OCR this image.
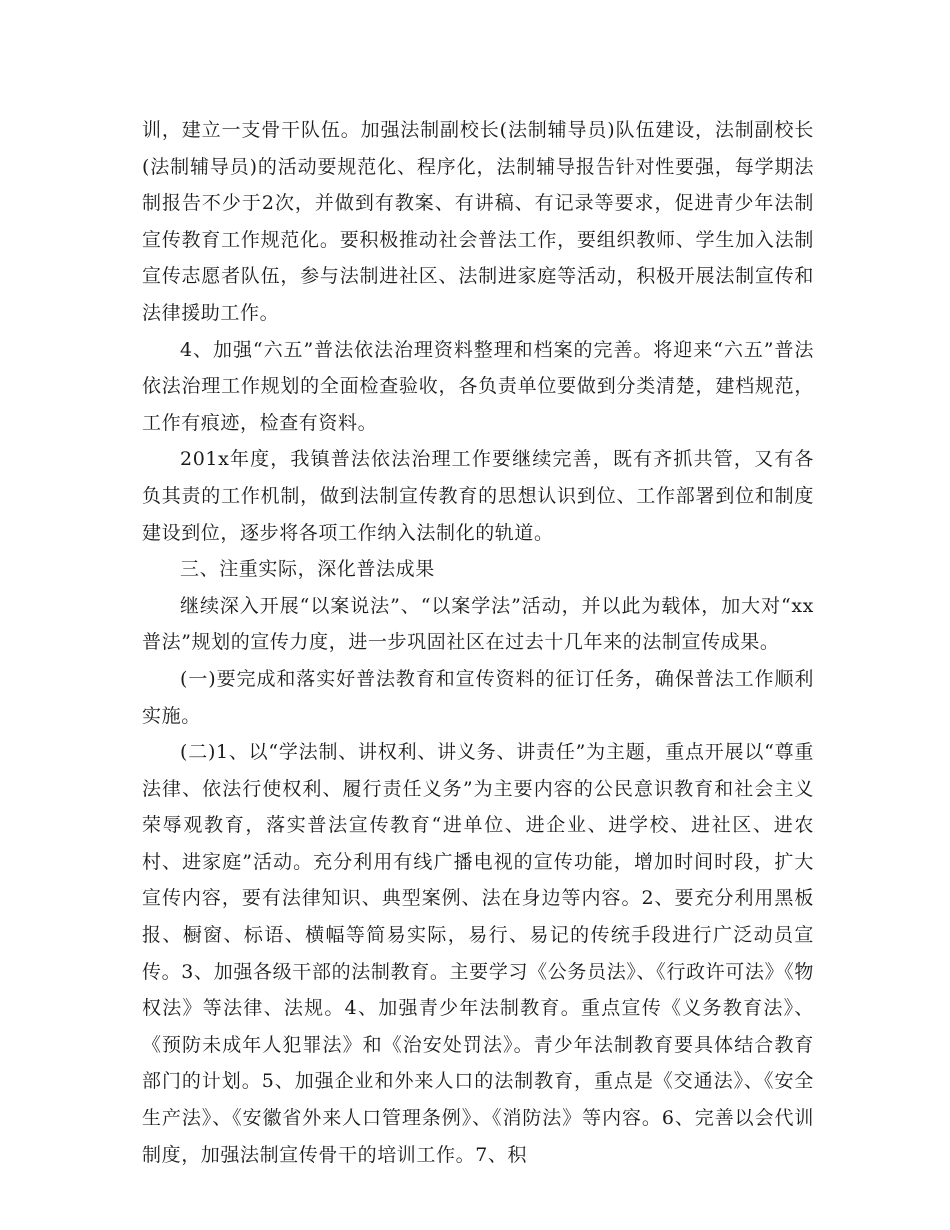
训，建立一支骨干队伍。加强法制副校长(法制辅导员)队伍建设，法制副校长(法制辅导员)的活动要规范化、程序化，法制辅导报告针对性要强，每学期法制报告不少于2次，并做到有教案、有讲稿、有记录等要求，促进青少年法制宣传教育工作规范化。要积极推动社会普法工作，要组织教师、学生加入法制宣传志愿者队伍，参与法制进社区、法制进家庭等活动，积极开展法制宣传和法律援助工作。

4、加强“六五”普法依法治理资料整理和档案的完善。将迎来“六五”普法依法治理工作规划的全面检查验收，各负责单位要做到分类清楚，建档规范，工作有痕迹，检查有资料。

201x年度，我镇普法依法治理工作要继续完善，既有齐抓共管，又有各负其责的工作机制，做到法制宣传教育的思想认识到位、工作部署到位和制度建设到位，逐步将各项工作纳入法制化的轨道。

三、注重实际，深化普法成果

继续深入开展“以案说法”、“以案学法”活动，并以此为载体，加大对“xx普法”规划的宣传力度，进一步巩固社区在过去十几年来的法制宣传成果。

(一)要完成和落实好普法教育和宣传资料的征订任务，确保普法工作顺利实施。

(二)1、以“学法制、讲权利、讲义务、讲责任”为主题，重点开展以“尊重法律、依法行使权利、履行责任义务”为主要内容的公民意识教育和社会主义荣辱观教育，落实普法宣传教育“进单位、进企业、进学校、进社区、进农村、进家庭”活动。充分利用有线广播电视的宣传功能，增加时间时段，扩大宣传内容，要有法律知识、典型案例、法在身边等内容。2、要充分利用黑板报、橱窗、标语、横幅等简易实际，易行、易记的传统手段进行广泛动员宣传。3、加强各级干部的法制教育。主要学习《公务员法》、《行政许可法》《物权法》等法律、法规。4、加强青少年法制教育。重点宣传《义务教育法》、《预防未成年人犯罪法》和《治安处罚法》。青少年法制教育要具体结合教育部门的计划。5、加强企业和外来人口的法制教育，重点是《交通法》、《安全生产法》、《安徽省外来人口管理条例》、《消防法》等内容。6、完善以会代训制度，加强法制宣传骨干的培训工作。7、积
